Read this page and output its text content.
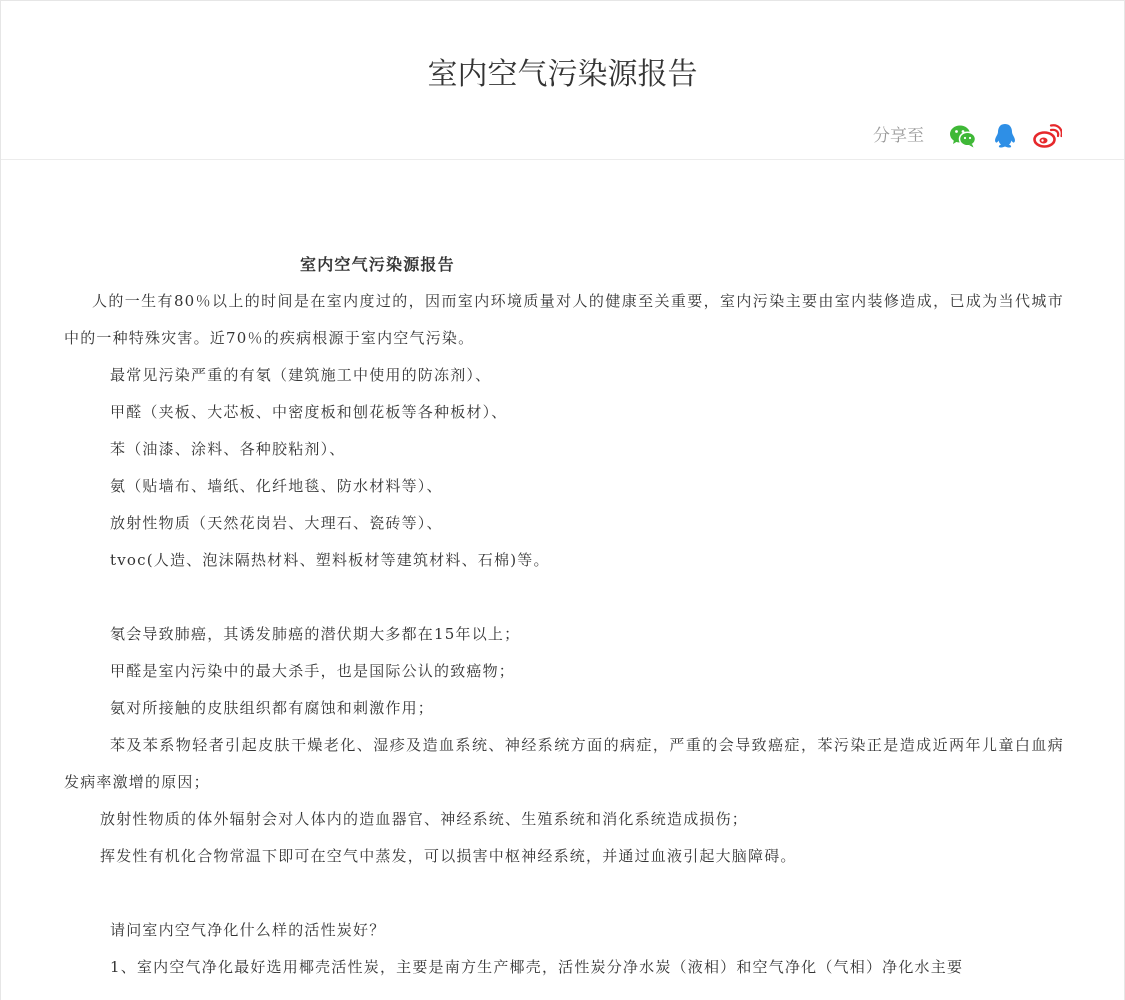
室内空气污染源报告
分享至

室内空气污染源报告

人的一生有80％以上的时间是在室内度过的，因而室内环境质量对人的健康至关重要，室内污染主要由室内装修造成，已成为当代城市中的一种特殊灾害。近70％的疾病根源于室内空气污染。

最常见污染严重的有氡（建筑施工中使用的防冻剂）、

甲醛（夹板、大芯板、中密度板和刨花板等各种板材）、

苯（油漆、涂料、各种胶粘剂）、

氨（贴墙布、墙纸、化纤地毯、防水材料等）、

放射性物质（天然花岗岩、大理石、瓷砖等）、

tvoc(人造、泡沫隔热材料、塑料板材等建筑材料、石棉)等。

氡会导致肺癌，其诱发肺癌的潜伏期大多都在15年以上；

甲醛是室内污染中的最大杀手，也是国际公认的致癌物；

氨对所接触的皮肤组织都有腐蚀和刺激作用；

苯及苯系物轻者引起皮肤干燥老化、湿疹及造血系统、神经系统方面的病症，严重的会导致癌症，苯污染正是造成近两年儿童白血病发病率激增的原因；

放射性物质的体外辐射会对人体内的造血器官、神经系统、生殖系统和消化系统造成损伤；

挥发性有机化合物常温下即可在空气中蒸发，可以损害中枢神经系统，并通过血液引起大脑障碍。

请问室内空气净化什么样的活性炭好？

1、室内空气净化最好选用椰壳活性炭，主要是南方生产椰壳，活性炭分净水炭（液相）和空气净化（气相）净化水主要
